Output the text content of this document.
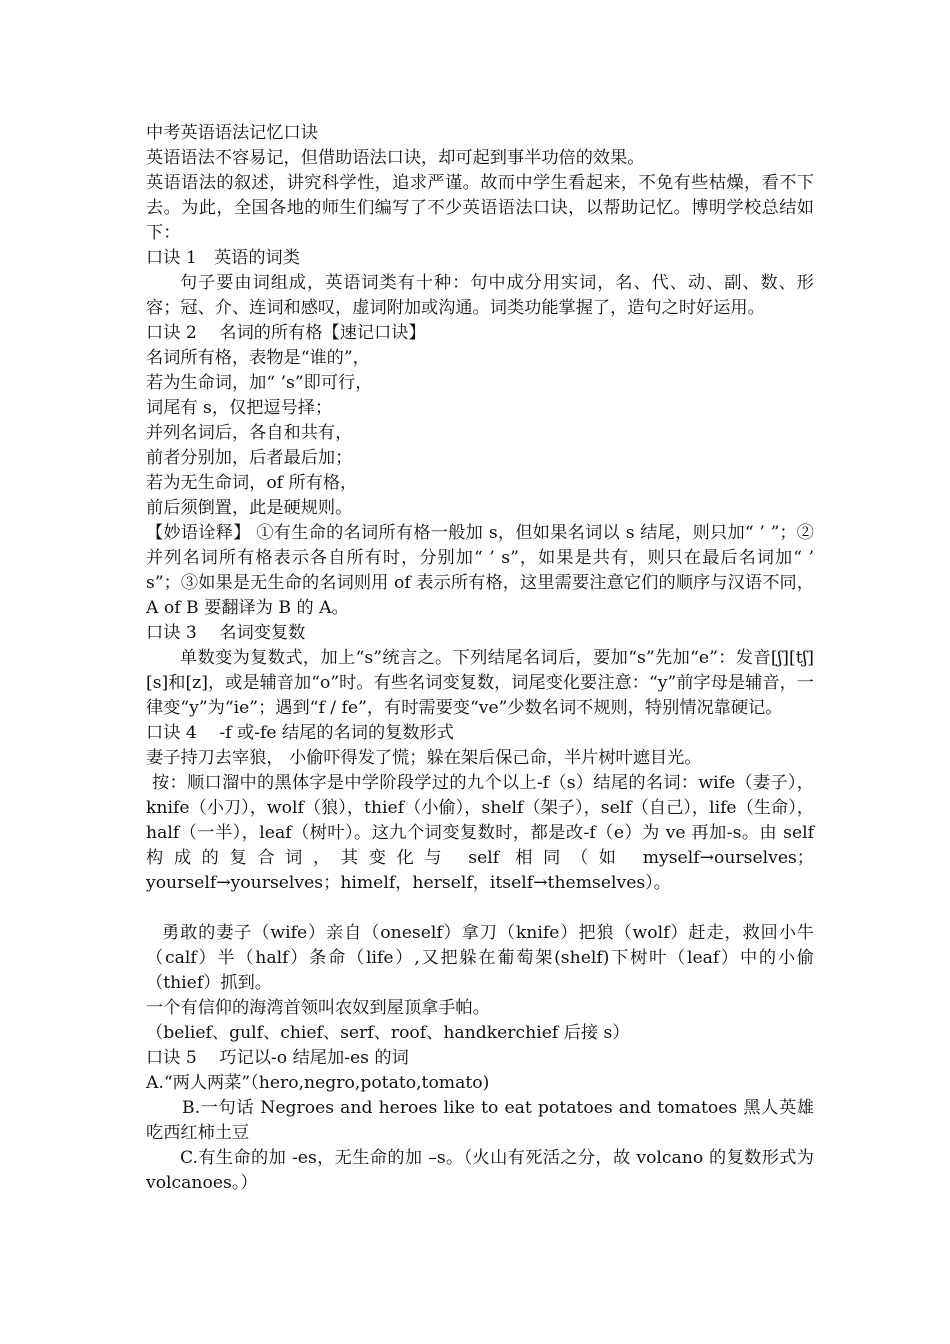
中考英语语法记忆口诀

英语语法不容易记，但借助语法口诀，却可起到事半功倍的效果。

英语语法的叙述，讲究科学性，追求严谨。故而中学生看起来，不免有些枯燥，看不下去。为此，全国各地的师生们编写了不少英语语法口诀，以帮助记忆。博明学校总结如下：

口诀 1　英语的词类

句子要由词组成，英语词类有十种：句中成分用实词，名、代、动、副、数、形容；冠、介、连词和感叹，虚词附加或沟通。词类功能掌握了，造句之时好运用。

口诀 2　 名词的所有格【速记口诀】

名词所有格，表物是“谁的”，

若为生命词，加“ ’s”即可行，

词尾有 s，仅把逗号择；

并列名词后，各自和共有，

前者分别加，后者最后加；

若为无生命词，of 所有格，

前后须倒置，此是硬规则。

【妙语诠释】 ①有生命的名词所有格一般加 s，但如果名词以 s 结尾，则只加“ ’ ”；②并列名词所有格表示各自所有时，分别加“ ’ s”，如果是共有，则只在最后名词加“ ’ s”；③如果是无生命的名词则用 of 表示所有格，这里需要注意它们的顺序与汉语不同，A of B 要翻译为 B 的 A。

口诀 3　 名词变复数

单数变为复数式，加上“s”统言之。下列结尾名词后，要加“s”先加“e”：发音[ʃ][tʃ][s]和[z]，或是辅音加“o”时。有些名词变复数，词尾变化要注意：“y”前字母是辅音，一律变“y”为“ie”；遇到“f / fe”，有时需要变“ve”少数名词不规则，特别情况靠硬记。

口诀 4　 -f 或-fe 结尾的名词的复数形式

妻子持刀去宰狼， 小偷吓得发了慌；躲在架后保己命，半片树叶遮目光。

按：顺口溜中的黑体字是中学阶段学过的九个以上-f（s）结尾的名词：wife（妻子），knife（小刀），wolf（狼），thief（小偷），shelf（架子），self（自己），life（生命），half（一半），leaf（树叶）。这九个词变复数时，都是改-f（e）为 ve 再加-s。由 self 构成的复合词，其变化与 self 相同（如 myself→ourselves；yourself→yourselves；himelf，herself，itself→themselves）。

勇敢的妻子（wife）亲自（oneself）拿刀（knife）把狼（wolf）赶走，救回小牛（calf）半（half）条命（life）,又把躲在葡萄架(shelf)下树叶（leaf）中的小偷（thief）抓到。

一个有信仰的海湾首领叫农奴到屋顶拿手帕。

（belief、gulf、chief、serf、roof、handkerchief 后接 s）

口诀 5　 巧记以-o 结尾加-es 的词

A.“两人两菜”（hero,negro,potato,tomato)

B.一句话 Negroes and heroes like to eat potatoes and tomatoes 黑人英雄吃西红柿土豆

C.有生命的加 -es，无生命的加 –s。（火山有死活之分，故 volcano 的复数形式为 volcanoes。）
